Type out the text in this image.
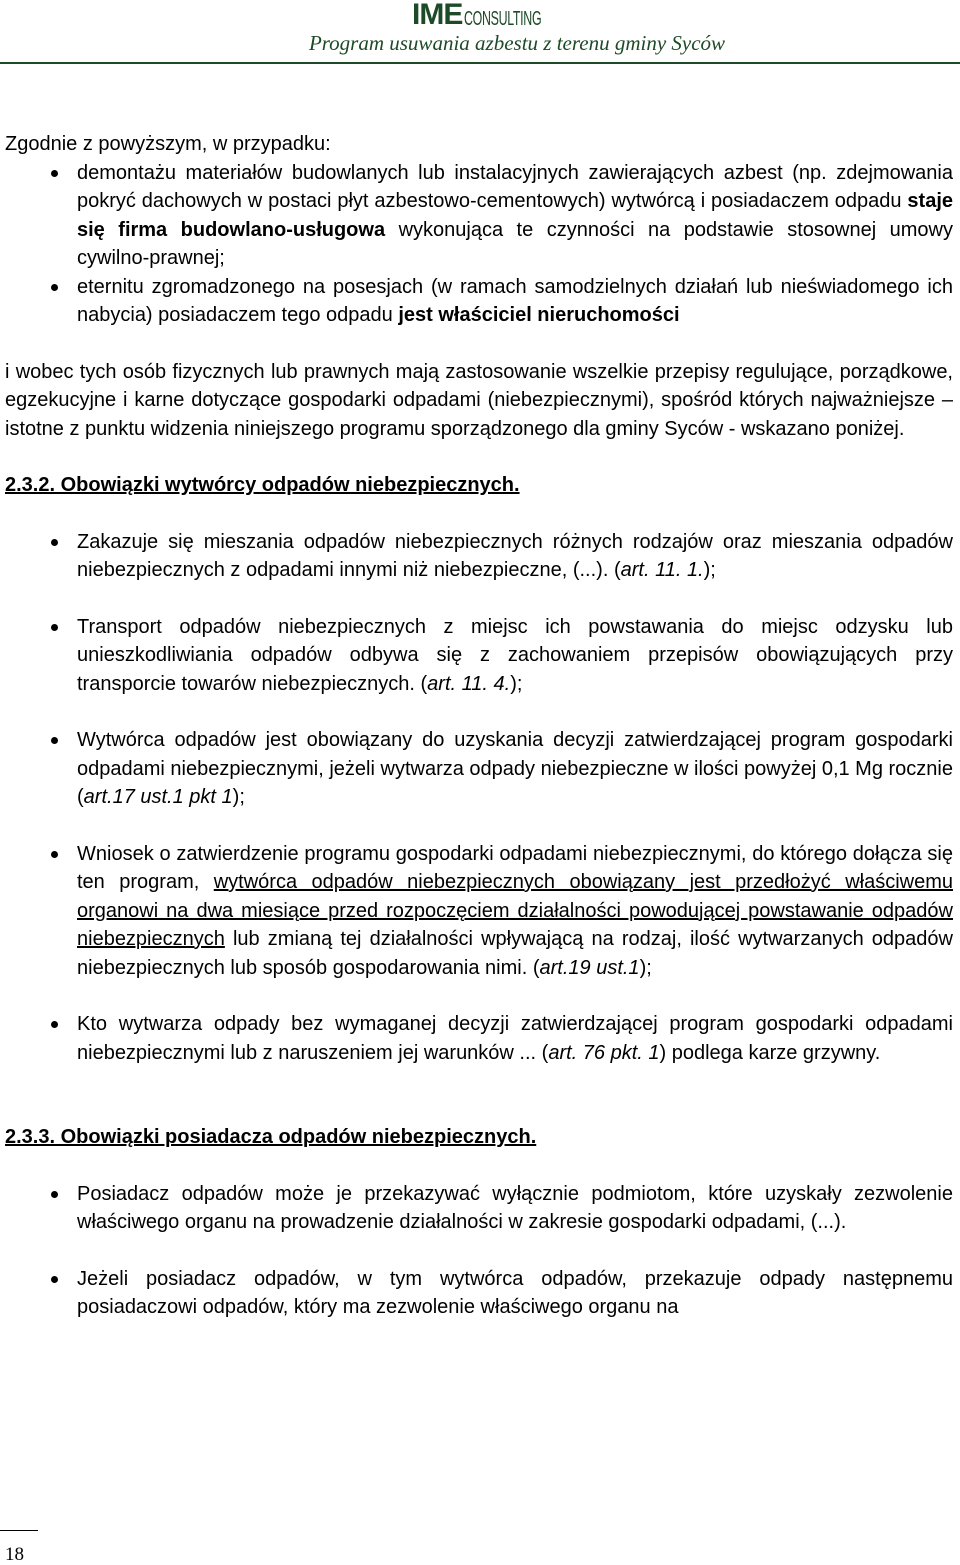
IME CONSULTING
Program usuwania azbestu z terenu gminy Syców

Zgodnie z powyższym, w przypadku:

demontażu materiałów budowlanych lub instalacyjnych zawierających azbest (np. zdejmowania pokryć dachowych w postaci płyt azbestowo-cementowych) wytwórcą i posiadaczem odpadu staje się firma budowlano-usługowa wykonująca te czynności na podstawie stosownej umowy cywilno-prawnej;
eternitu zgromadzonego na posesjach (w ramach samodzielnych działań lub nieświadomego ich nabycia) posiadaczem tego odpadu jest właściciel nieruchomości

i wobec tych osób fizycznych lub prawnych mają zastosowanie wszelkie przepisy regulujące, porządkowe, egzekucyjne i karne dotyczące gospodarki odpadami (niebezpiecznymi), spośród których najważniejsze – istotne z punktu widzenia niniejszego programu sporządzonego dla gminy Syców - wskazano poniżej.

2.3.2. Obowiązki wytwórcy odpadów niebezpiecznych.
Zakazuje się mieszania odpadów niebezpiecznych różnych rodzajów oraz mieszania odpadów niebezpiecznych z odpadami innymi niż niebezpieczne, (...). (art. 11. 1.);
Transport odpadów niebezpiecznych z miejsc ich powstawania do miejsc odzysku lub unieszkodliwiania odpadów odbywa się z zachowaniem przepisów obowiązujących przy transporcie towarów niebezpiecznych. (art. 11. 4.);
Wytwórca odpadów jest obowiązany do uzyskania decyzji zatwierdzającej program gospodarki odpadami niebezpiecznymi, jeżeli wytwarza odpady niebezpieczne w ilości powyżej 0,1 Mg rocznie (art.17 ust.1 pkt 1);
Wniosek o zatwierdzenie programu gospodarki odpadami niebezpiecznymi, do którego dołącza się ten program, wytwórca odpadów niebezpiecznych obowiązany jest przedłożyć właściwemu organowi na dwa miesiące przed rozpoczęciem działalności powodującej powstawanie odpadów niebezpiecznych lub zmianą tej działalności wpływającą na rodzaj, ilość wytwarzanych odpadów niebezpiecznych lub sposób gospodarowania nimi. (art.19 ust.1);
Kto wytwarza odpady bez wymaganej decyzji zatwierdzającej program gospodarki odpadami niebezpiecznymi lub z naruszeniem jej warunków ... (art. 76 pkt. 1) podlega karze grzywny.
2.3.3. Obowiązki posiadacza odpadów niebezpiecznych.
Posiadacz odpadów może je przekazywać wyłącznie podmiotom, które uzyskały zezwolenie właściwego organu na prowadzenie działalności w zakresie gospodarki odpadami, (...).
Jeżeli posiadacz odpadów, w tym wytwórca odpadów, przekazuje odpady następnemu posiadaczowi odpadów, który ma zezwolenie właściwego organu na
18
